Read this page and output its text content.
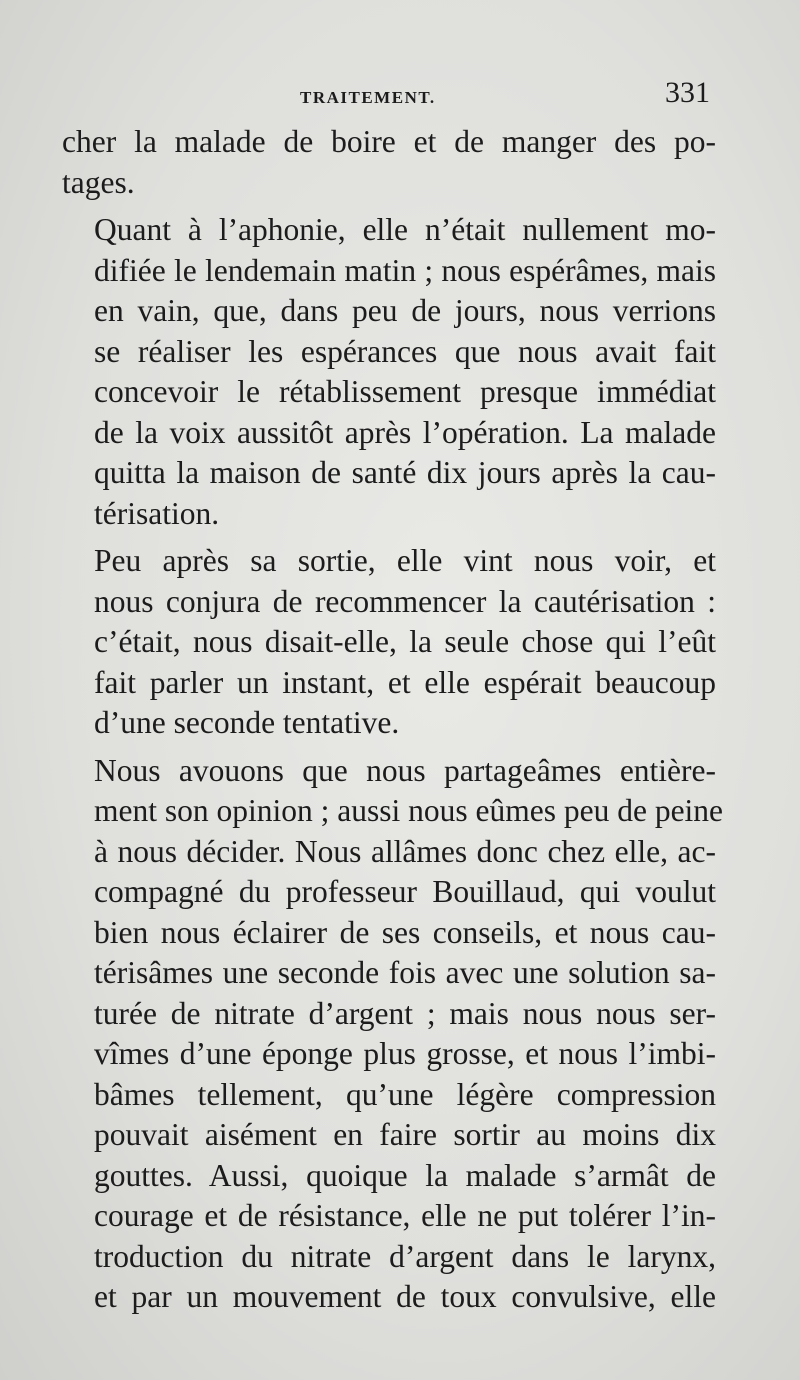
TRAITEMENT.	331

cher la malade de boire et de manger des po-
tages.

Quant à l’aphonie, elle n’était nullement mo-
difiée le lendemain matin ; nous espérâmes, mais
en vain, que, dans peu de jours, nous verrions
se réaliser les espérances que nous avait fait
concevoir le rétablissement presque immédiat
de la voix aussitôt après l’opération. La malade
quitta la maison de santé dix jours après la cau-
térisation.

Peu après sa sortie, elle vint nous voir, et
nous conjura de recommencer la cautérisation :
c’était, nous disait-elle, la seule chose qui l’eût
fait parler un instant, et elle espérait beaucoup
d’une seconde tentative.

Nous avouons que nous partageâmes entière-
ment son opinion ; aussi nous eûmes peu de peine
à nous décider. Nous allâmes donc chez elle, ac-
compagné du professeur Bouillaud, qui voulut
bien nous éclairer de ses conseils, et nous cau-
térisâmes une seconde fois avec une solution sa-
turée de nitrate d’argent ; mais nous nous ser-
vîmes d’une éponge plus grosse, et nous l’imbi-
bâmes tellement, qu’une légère compression
pouvait aisément en faire sortir au moins dix
gouttes. Aussi, quoique la malade s’armât de
courage et de résistance, elle ne put tolérer l’in-
troduction du nitrate d’argent dans le larynx,
et par un mouvement de toux convulsive, elle
